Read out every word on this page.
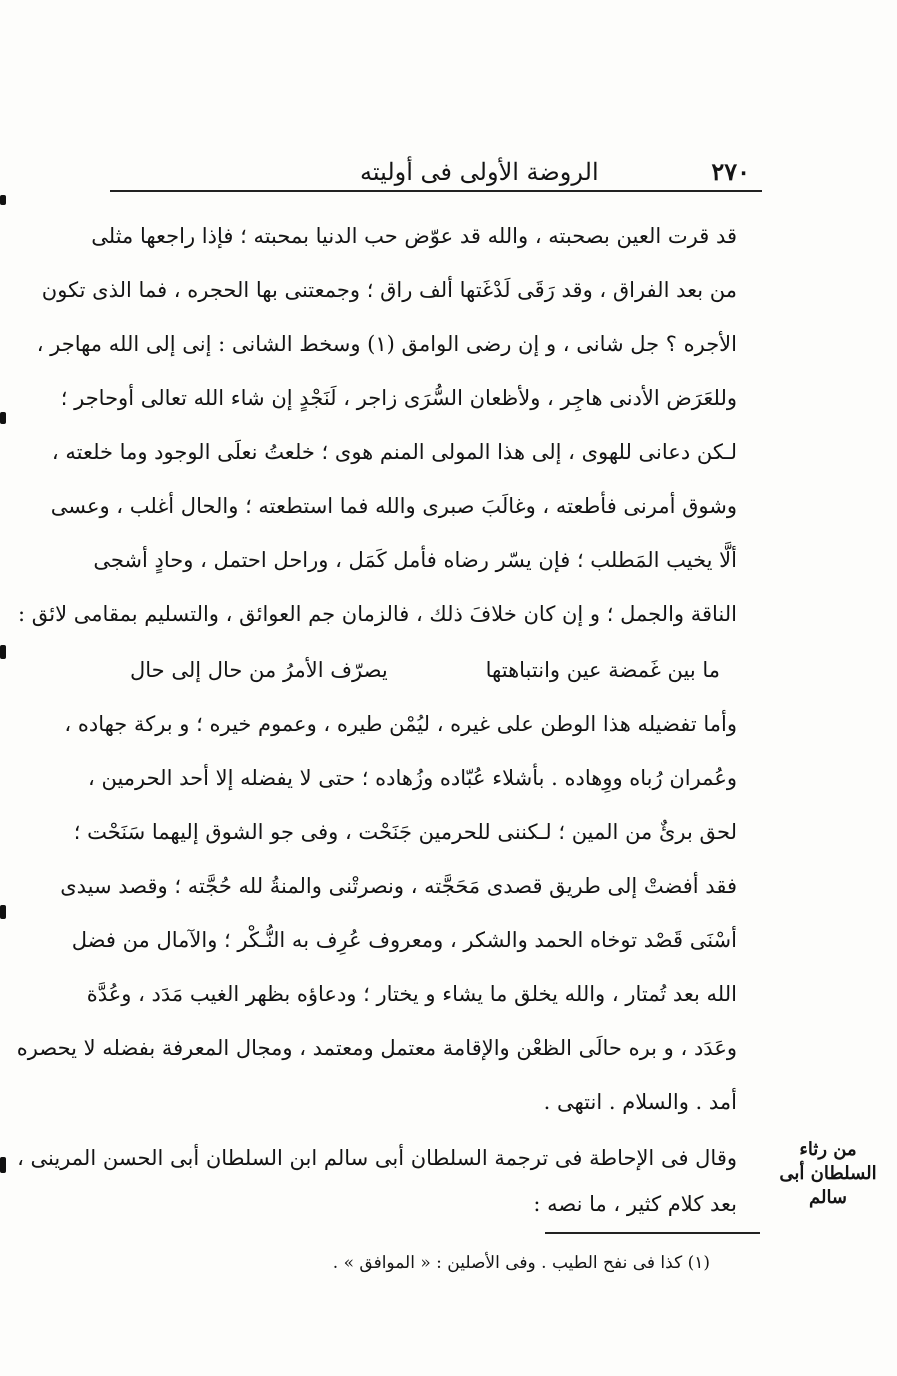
٢٧٠
الروضة الأولى فى أوليته
قد قرت العين بصحبته ، والله قد عوّض حب الدنيا بمحبته ؛ فإذا راجعها مثلى
من بعد الفراق ، وقد رَقَى لَدْغَتها ألف راق ؛ وجمعتنى بها الحجره ، فما الذى تكون
الأجره ؟ جل شانى ، و إن رضى الوامق (١) وسخط الشانى : إنى إلى الله مهاجر ،
وللعَرَض الأدنى هاجِر ، ولأظعان السُّرَى زاجر ، لَنَجْدٍ إن شاء الله تعالى أوحاجر ؛
لـكن دعانى للهوى ، إلى هذا المولى المنم هوى ؛ خلعتُ نعلَى الوجود وما خلعته ،
وشوق أمرنى فأطعته ، وغالَبَ صبرى والله فما استطعته ؛ والحال أغلب ، وعسى
ألَّا يخيب المَطلب ؛ فإن يسّر رضاه فأمل كَمَل ، وراحل احتمل ، وحادٍ أشجى
الناقة والجمل ؛ و إن كان خلافَ ذلك ، فالزمان جم العوائق ، والتسليم بمقامى لائق :
ما بين غَمضة عين وانتباهتها
يصرّف الأمرُ من حال إلى حال
وأما تفضيله هذا الوطن على غيره ، ليُمْن طيره ، وعموم خيره ؛ و بركة جهاده ،
وعُمران رُباه ووِهاده . بأشلاء عُبّاده وزُهاده ؛ حتى لا يفضله إلا أحد الحرمين ،
لحق برئٌ من المين ؛ لـكننى للحرمين جَنَحْت ، وفى جو الشوق إليهما سَنَحْت ؛
فقد أفضتْ إلى طريق قصدى مَحَجَّته ، ونصرتْنى والمنةُ لله حُجَّته ؛ وقصد سيدى
أسْنَى قَصْد توخاه الحمد والشكر ، ومعروف عُرِف به النُّـكْر ؛ والآمال من فضل
الله بعد تُمتار ، والله يخلق ما يشاء و يختار ؛ ودعاؤه بظهر الغيب مَدَد ، وعُدَّة
وعَدَد ، و بره حالَى الظعْن والإقامة معتمل ومعتمد ، ومجال المعرفة بفضله لا يحصره
أمد . والسلام . انتهى .
وقال فى الإحاطة فى ترجمة السلطان أبى سالم ابن السلطان أبى الحسن المرينى ،
بعد كلام كثير ، ما نصه :
من رثاء السلطان أبى سالم
(١) كذا فى نفح الطيب . وفى الأصلين : « الموافق » .
